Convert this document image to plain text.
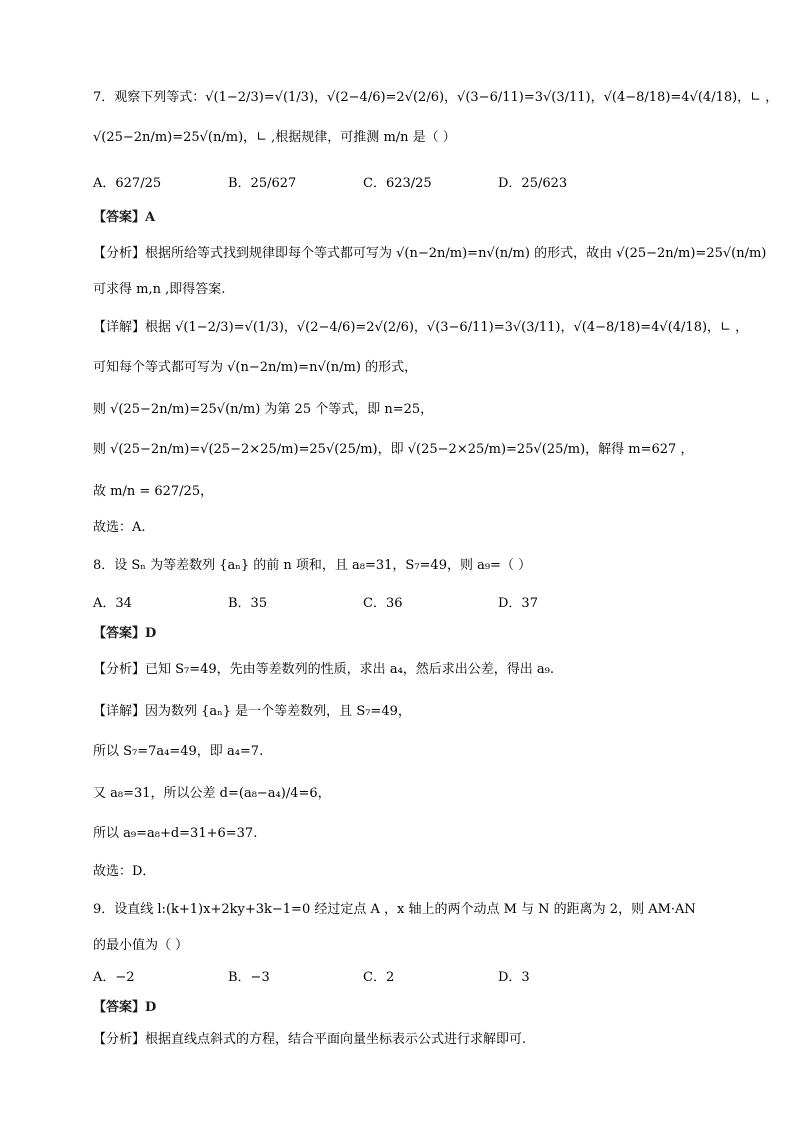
7．观察下列等式：√(1−2/3)=√(1/3)，√(2−4/6)=2√(2/6)，√(3−6/11)=3√(3/11)，√(4−8/18)=4√(4/18)，∟ ，
√(25−2n/m)=25√(n/m)，∟ ,根据规律，可推测 m/n 是（ ）
A．627/25	B．25/627	C．623/25	D．25/623
【答案】A
【分析】根据所给等式找到规律即每个等式都可写为 √(n−2n/m)=n√(n/m) 的形式，故由 √(25−2n/m)=25√(n/m)
可求得 m,n ,即得答案.
【详解】根据 √(1−2/3)=√(1/3)，√(2−4/6)=2√(2/6)，√(3−6/11)=3√(3/11)，√(4−8/18)=4√(4/18)，∟ ，
可知每个等式都可写为 √(n−2n/m)=n√(n/m) 的形式，
则 √(25−2n/m)=25√(n/m) 为第 25 个等式，即 n=25，
则 √(25−2n/m)=√(25−2×25/m)=25√(25/m)，即 √(25−2×25/m)=25√(25/m)，解得 m=627 ，
故 m/n = 627/25，
故选：A.
8．设 Sₙ 为等差数列 {aₙ} 的前 n 项和，且 a₈=31，S₇=49，则 a₉=（ ）
A．34	B．35	C．36	D．37
【答案】D
【分析】已知 S₇=49，先由等差数列的性质，求出 a₄，然后求出公差，得出 a₉.
【详解】因为数列 {aₙ} 是一个等差数列，且 S₇=49，
所以 S₇=7a₄=49，即 a₄=7.
又 a₈=31，所以公差 d=(a₈−a₄)/4=6，
所以 a₉=a₈+d=31+6=37.
故选：D．
9．设直线 l:(k+1)x+2ky+3k−1=0 经过定点 A ，x 轴上的两个动点 M 与 N 的距离为 2，则 AM·AN
的最小值为（ ）
A．−2	B．−3	C．2	D．3
【答案】D
【分析】根据直线点斜式的方程，结合平面向量坐标表示公式进行求解即可.
